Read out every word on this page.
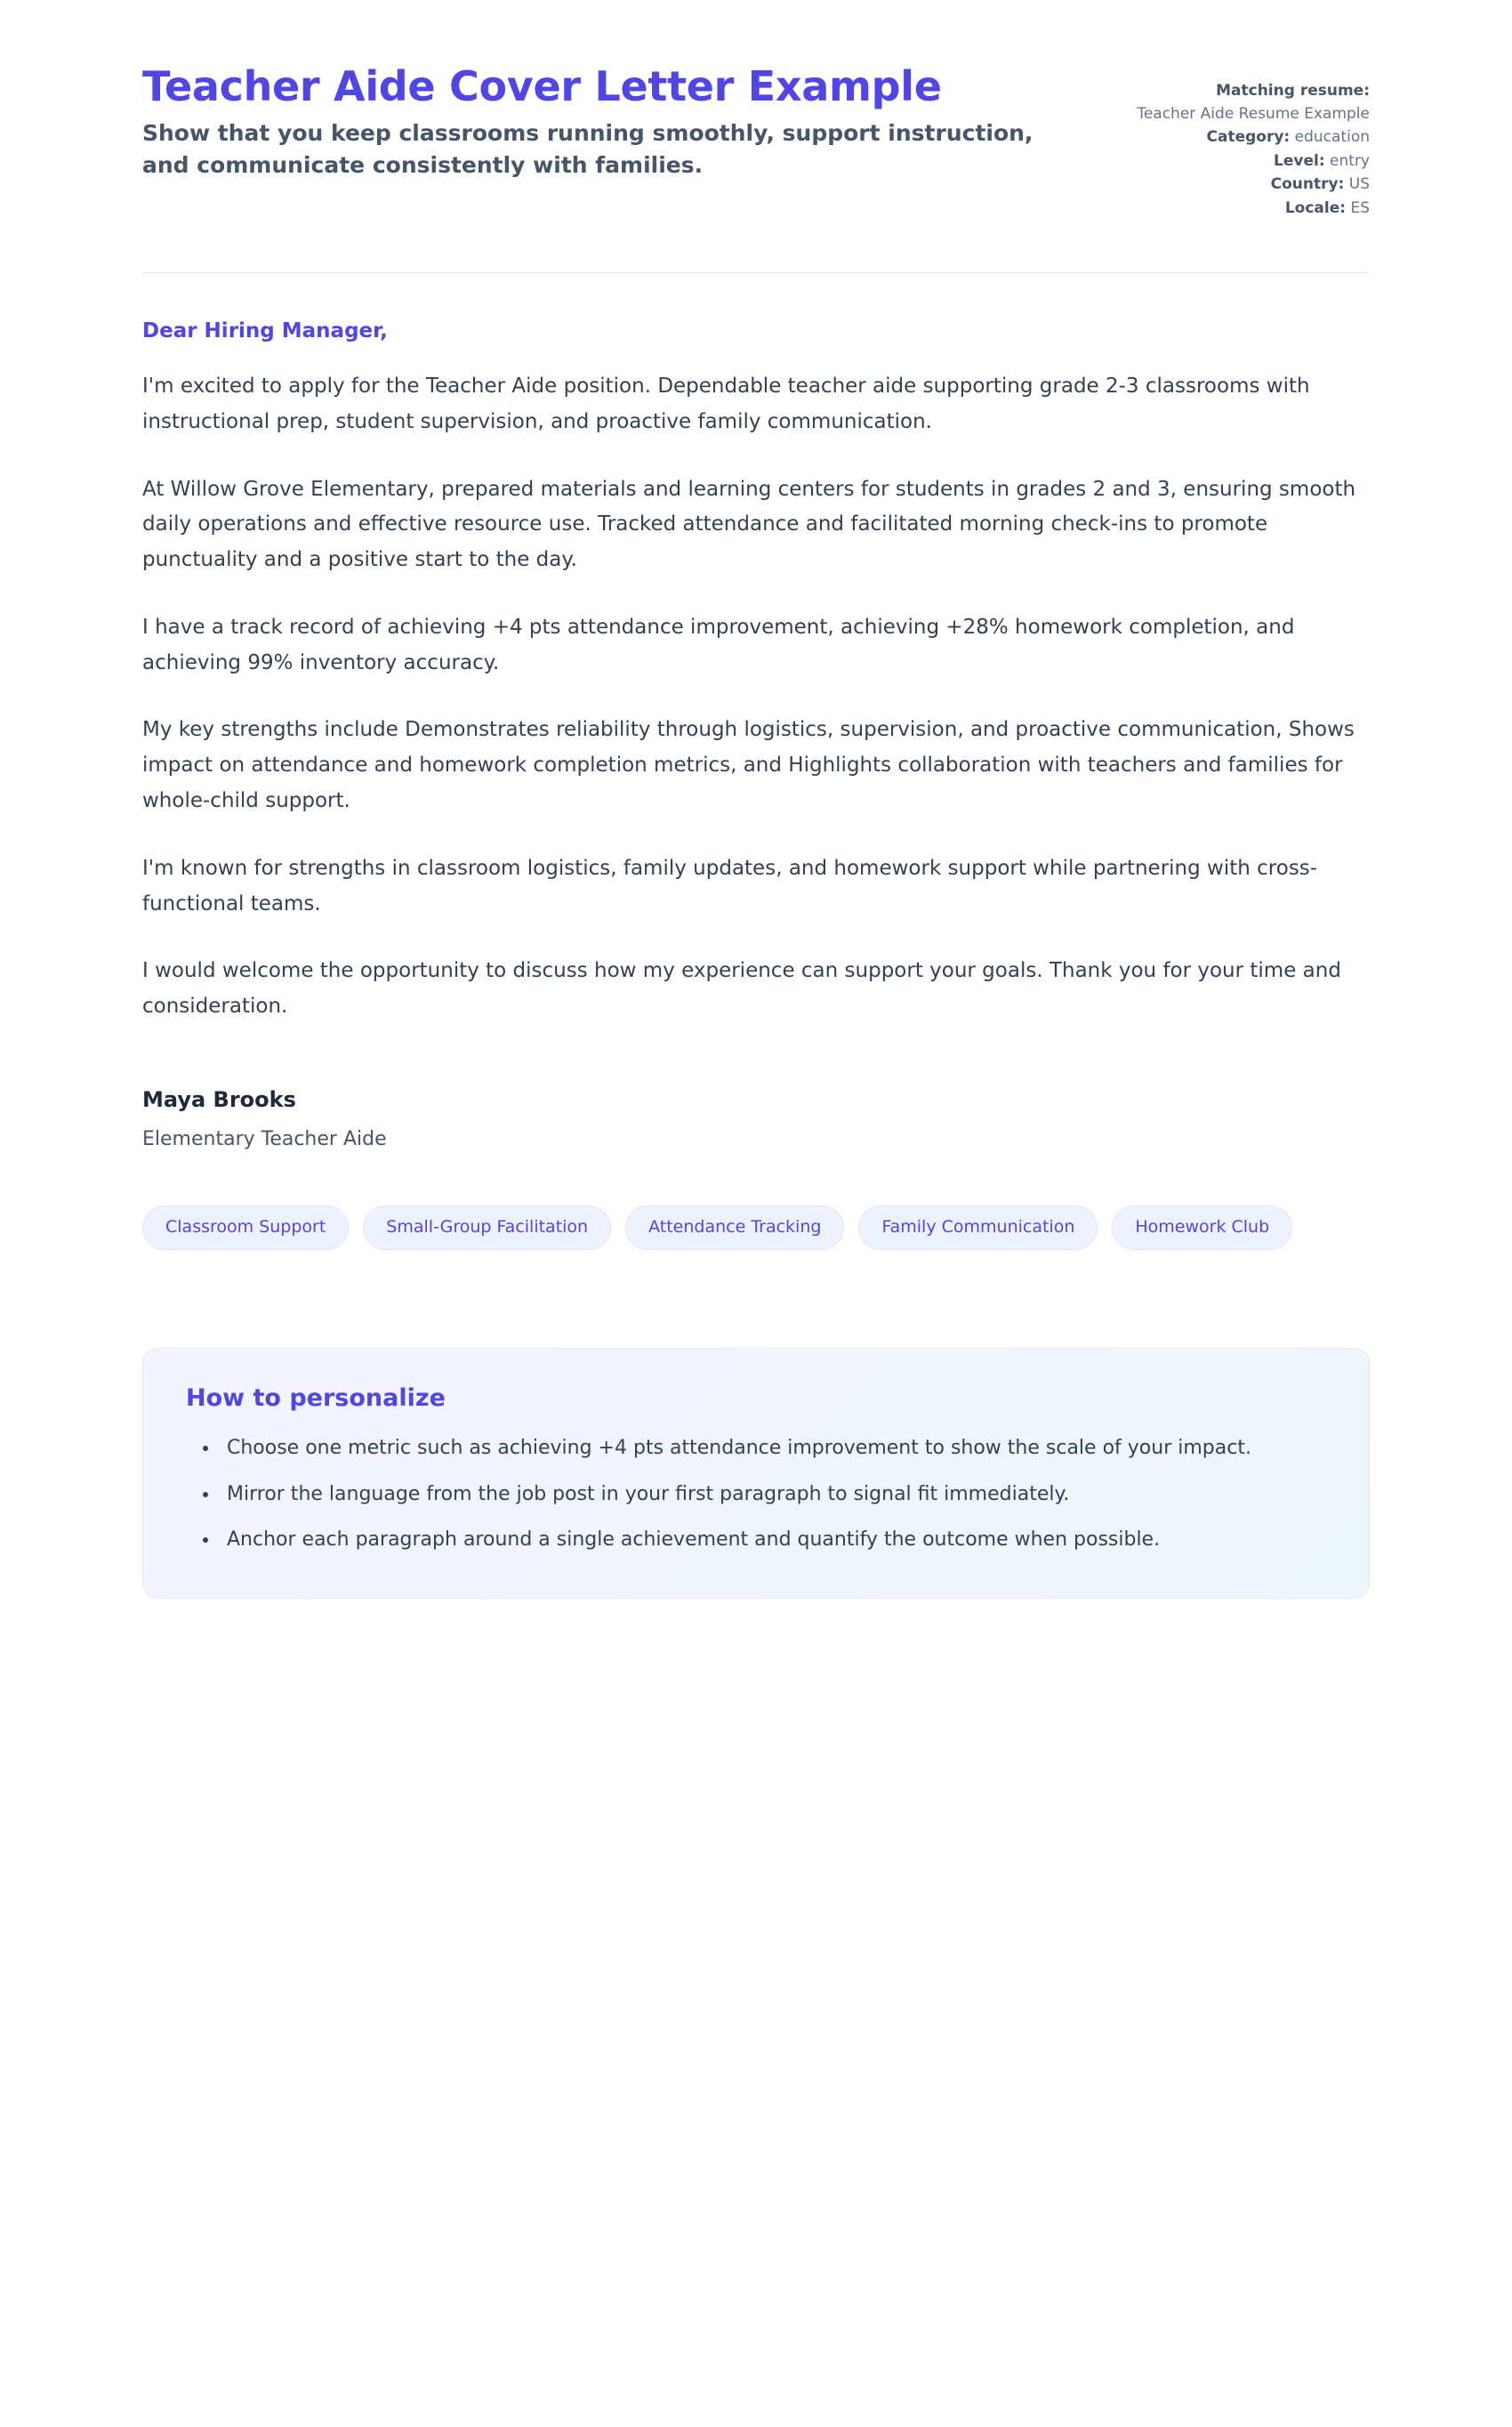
Teacher Aide Cover Letter Example

Show that you keep classrooms running smoothly, support instruction, and communicate consistently with families.

Matching resume:
Teacher Aide Resume Example
Category: education
Level: entry
Country: US
Locale: ES

Dear Hiring Manager,

I'm excited to apply for the Teacher Aide position. Dependable teacher aide supporting grade 2-3 classrooms with instructional prep, student supervision, and proactive family communication.

At Willow Grove Elementary, prepared materials and learning centers for students in grades 2 and 3, ensuring smooth daily operations and effective resource use. Tracked attendance and facilitated morning check-ins to promote punctuality and a positive start to the day.

I have a track record of achieving +4 pts attendance improvement, achieving +28% homework completion, and achieving 99% inventory accuracy.

My key strengths include Demonstrates reliability through logistics, supervision, and proactive communication, Shows impact on attendance and homework completion metrics, and Highlights collaboration with teachers and families for whole-child support.

I'm known for strengths in classroom logistics, family updates, and homework support while partnering with cross-functional teams.

I would welcome the opportunity to discuss how my experience can support your goals. Thank you for your time and consideration.

Maya Brooks

Elementary Teacher Aide

Classroom Support	Small-Group Facilitation	Attendance Tracking	Family Communication	Homework Club
How to personalize
• Choose one metric such as achieving +4 pts attendance improvement to show the scale of your impact.
• Mirror the language from the job post in your first paragraph to signal fit immediately.
• Anchor each paragraph around a single achievement and quantify the outcome when possible.
